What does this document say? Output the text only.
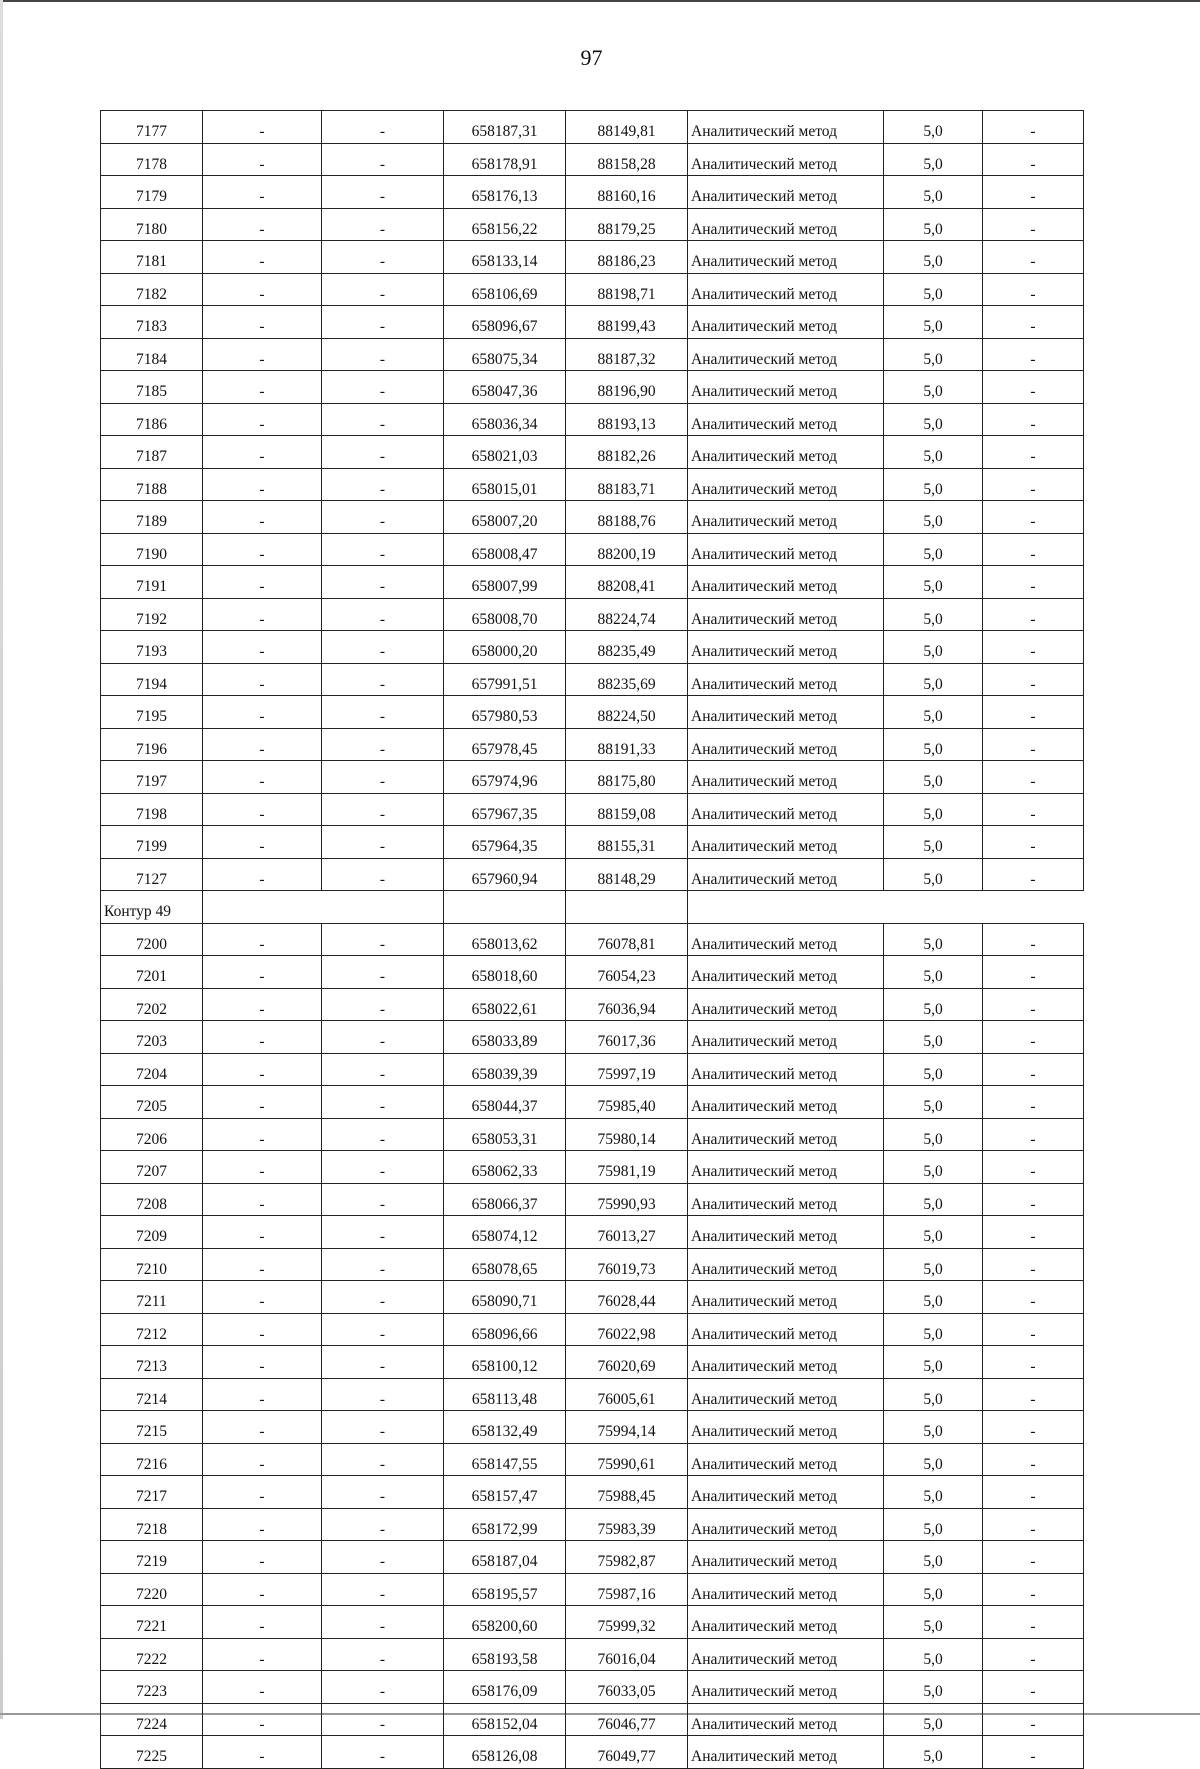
97
7177	-	-	658187,31	88149,81	Аналитический метод	5,0	-
7178	-	-	658178,91	88158,28	Аналитический метод	5,0	-
7179	-	-	658176,13	88160,16	Аналитический метод	5,0	-
7180	-	-	658156,22	88179,25	Аналитический метод	5,0	-
7181	-	-	658133,14	88186,23	Аналитический метод	5,0	-
7182	-	-	658106,69	88198,71	Аналитический метод	5,0	-
7183	-	-	658096,67	88199,43	Аналитический метод	5,0	-
7184	-	-	658075,34	88187,32	Аналитический метод	5,0	-
7185	-	-	658047,36	88196,90	Аналитический метод	5,0	-
7186	-	-	658036,34	88193,13	Аналитический метод	5,0	-
7187	-	-	658021,03	88182,26	Аналитический метод	5,0	-
7188	-	-	658015,01	88183,71	Аналитический метод	5,0	-
7189	-	-	658007,20	88188,76	Аналитический метод	5,0	-
7190	-	-	658008,47	88200,19	Аналитический метод	5,0	-
7191	-	-	658007,99	88208,41	Аналитический метод	5,0	-
7192	-	-	658008,70	88224,74	Аналитический метод	5,0	-
7193	-	-	658000,20	88235,49	Аналитический метод	5,0	-
7194	-	-	657991,51	88235,69	Аналитический метод	5,0	-
7195	-	-	657980,53	88224,50	Аналитический метод	5,0	-
7196	-	-	657978,45	88191,33	Аналитический метод	5,0	-
7197	-	-	657974,96	88175,80	Аналитический метод	5,0	-
7198	-	-	657967,35	88159,08	Аналитический метод	5,0	-
7199	-	-	657964,35	88155,31	Аналитический метод	5,0	-
7127	-	-	657960,94	88148,29	Аналитический метод	5,0	-
Контур 49							
7200	-	-	658013,62	76078,81	Аналитический метод	5,0	-
7201	-	-	658018,60	76054,23	Аналитический метод	5,0	-
7202	-	-	658022,61	76036,94	Аналитический метод	5,0	-
7203	-	-	658033,89	76017,36	Аналитический метод	5,0	-
7204	-	-	658039,39	75997,19	Аналитический метод	5,0	-
7205	-	-	658044,37	75985,40	Аналитический метод	5,0	-
7206	-	-	658053,31	75980,14	Аналитический метод	5,0	-
7207	-	-	658062,33	75981,19	Аналитический метод	5,0	-
7208	-	-	658066,37	75990,93	Аналитический метод	5,0	-
7209	-	-	658074,12	76013,27	Аналитический метод	5,0	-
7210	-	-	658078,65	76019,73	Аналитический метод	5,0	-
7211	-	-	658090,71	76028,44	Аналитический метод	5,0	-
7212	-	-	658096,66	76022,98	Аналитический метод	5,0	-
7213	-	-	658100,12	76020,69	Аналитический метод	5,0	-
7214	-	-	658113,48	76005,61	Аналитический метод	5,0	-
7215	-	-	658132,49	75994,14	Аналитический метод	5,0	-
7216	-	-	658147,55	75990,61	Аналитический метод	5,0	-
7217	-	-	658157,47	75988,45	Аналитический метод	5,0	-
7218	-	-	658172,99	75983,39	Аналитический метод	5,0	-
7219	-	-	658187,04	75982,87	Аналитический метод	5,0	-
7220	-	-	658195,57	75987,16	Аналитический метод	5,0	-
7221	-	-	658200,60	75999,32	Аналитический метод	5,0	-
7222	-	-	658193,58	76016,04	Аналитический метод	5,0	-
7223	-	-	658176,09	76033,05	Аналитический метод	5,0	-
7224	-	-	658152,04	76046,77	Аналитический метод	5,0	-
7225	-	-	658126,08	76049,77	Аналитический метод	5,0	-
